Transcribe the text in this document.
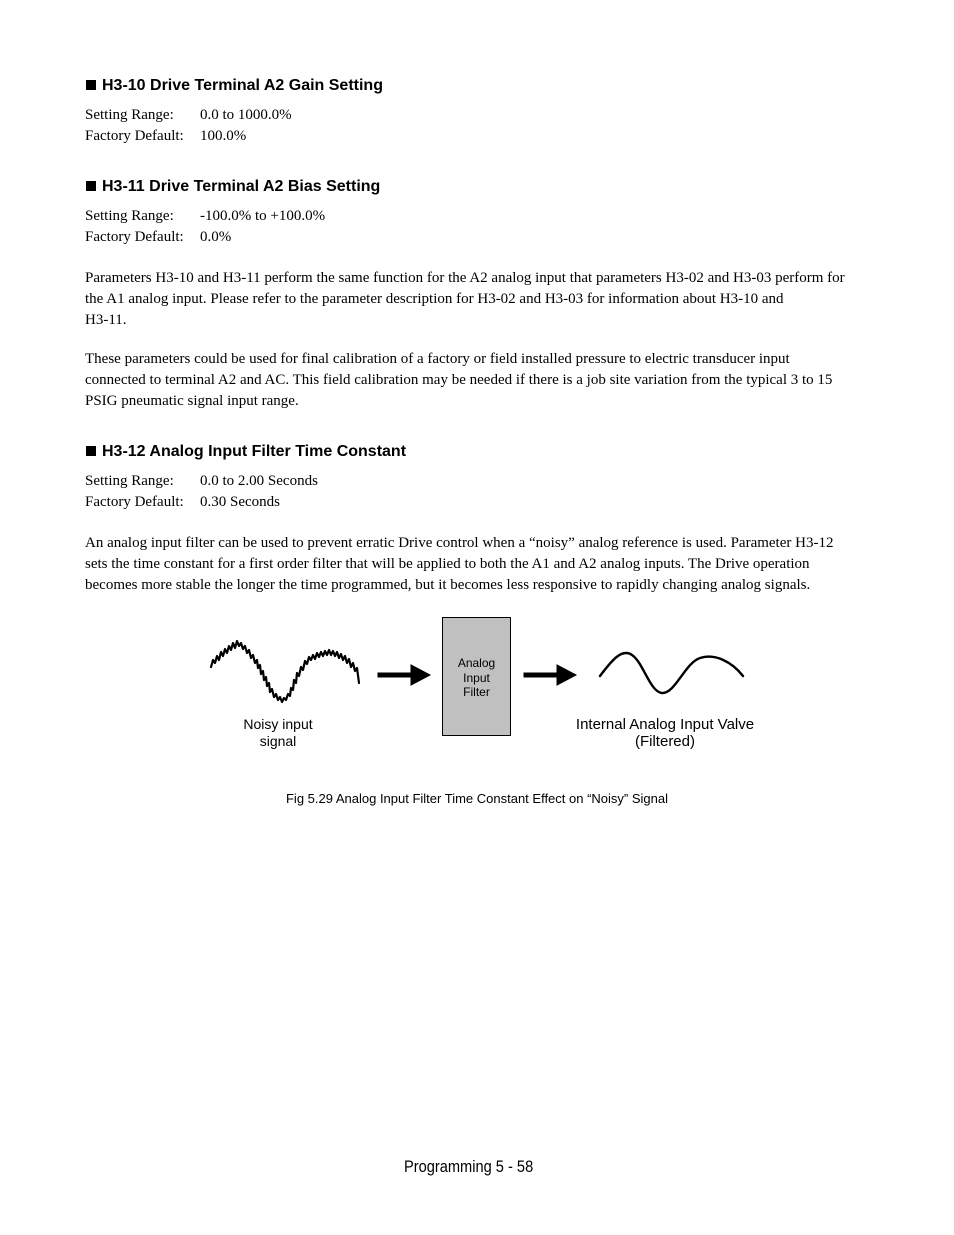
H3-10 Drive Terminal A2 Gain Setting
Setting Range: 0.0 to 1000.0%
Factory Default: 100.0%
H3-11 Drive Terminal A2 Bias Setting
Setting Range: -100.0% to +100.0%
Factory Default: 0.0%
Parameters H3-10 and H3-11 perform the same function for the A2 analog input that parameters H3-02 and H3-03 perform for
the A1 analog input. Please refer to the parameter description for H3-02 and H3-03 for information about H3-10 and
H3-11.
These parameters could be used for final calibration of a factory or field installed pressure to electric transducer input
connected to terminal A2 and AC. This field calibration may be needed if there is a job site variation from the typical 3 to 15
PSIG pneumatic signal input range.
H3-12 Analog Input Filter Time Constant
Setting Range: 0.0 to 2.00 Seconds
Factory Default: 0.30 Seconds
An analog input filter can be used to prevent erratic Drive control when a “noisy” analog reference is used. Parameter H3-12
sets the time constant for a first order filter that will be applied to both the A1 and A2 analog inputs. The Drive operation
becomes more stable the longer the time programmed, but it becomes less responsive to rapidly changing analog signals.
Analog
Input
Filter
Noisy input
signal
Internal Analog Input Valve
(Filtered)
Fig 5.29 Analog Input Filter Time Constant Effect on “Noisy” Signal
Programming 5 - 58
